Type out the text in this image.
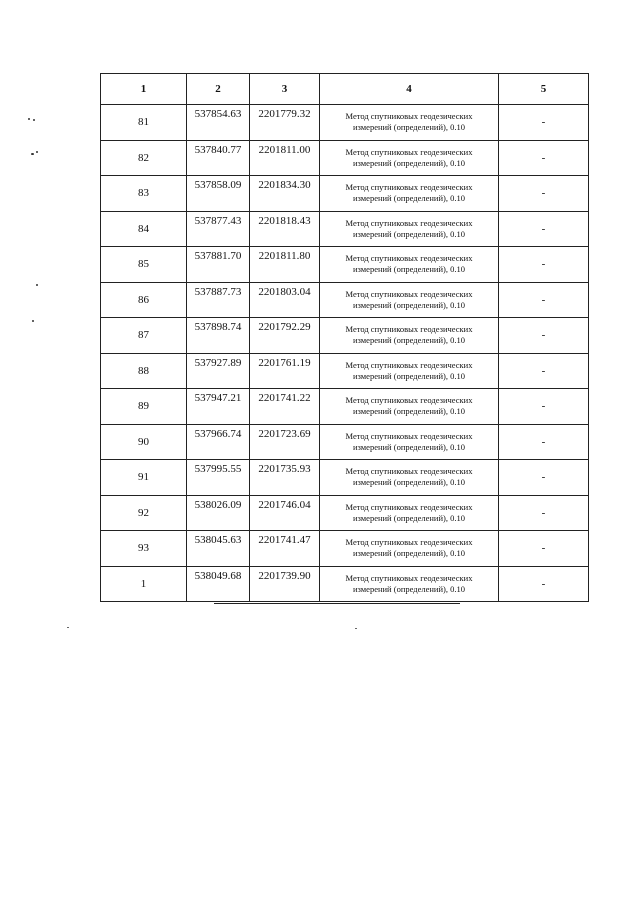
1	2	3	4	5
81	537854.63	2201779.32	Метод спутниковых геодезических
измерений (определений), 0.10	-
82	537840.77	2201811.00	Метод спутниковых геодезических
измерений (определений), 0.10	-
83	537858.09	2201834.30	Метод спутниковых геодезических
измерений (определений), 0.10	-
84	537877.43	2201818.43	Метод спутниковых геодезических
измерений (определений), 0.10	-
85	537881.70	2201811.80	Метод спутниковых геодезических
измерений (определений), 0.10	-
86	537887.73	2201803.04	Метод спутниковых геодезических
измерений (определений), 0.10	-
87	537898.74	2201792.29	Метод спутниковых геодезических
измерений (определений), 0.10	-
88	537927.89	2201761.19	Метод спутниковых геодезических
измерений (определений), 0.10	-
89	537947.21	2201741.22	Метод спутниковых геодезических
измерений (определений), 0.10	-
90	537966.74	2201723.69	Метод спутниковых геодезических
измерений (определений), 0.10	-
91	537995.55	2201735.93	Метод спутниковых геодезических
измерений (определений), 0.10	-
92	538026.09	2201746.04	Метод спутниковых геодезических
измерений (определений), 0.10	-
93	538045.63	2201741.47	Метод спутниковых геодезических
измерений (определений), 0.10	-
1	538049.68	2201739.90	Метод спутниковых геодезических
измерений (определений), 0.10	-
